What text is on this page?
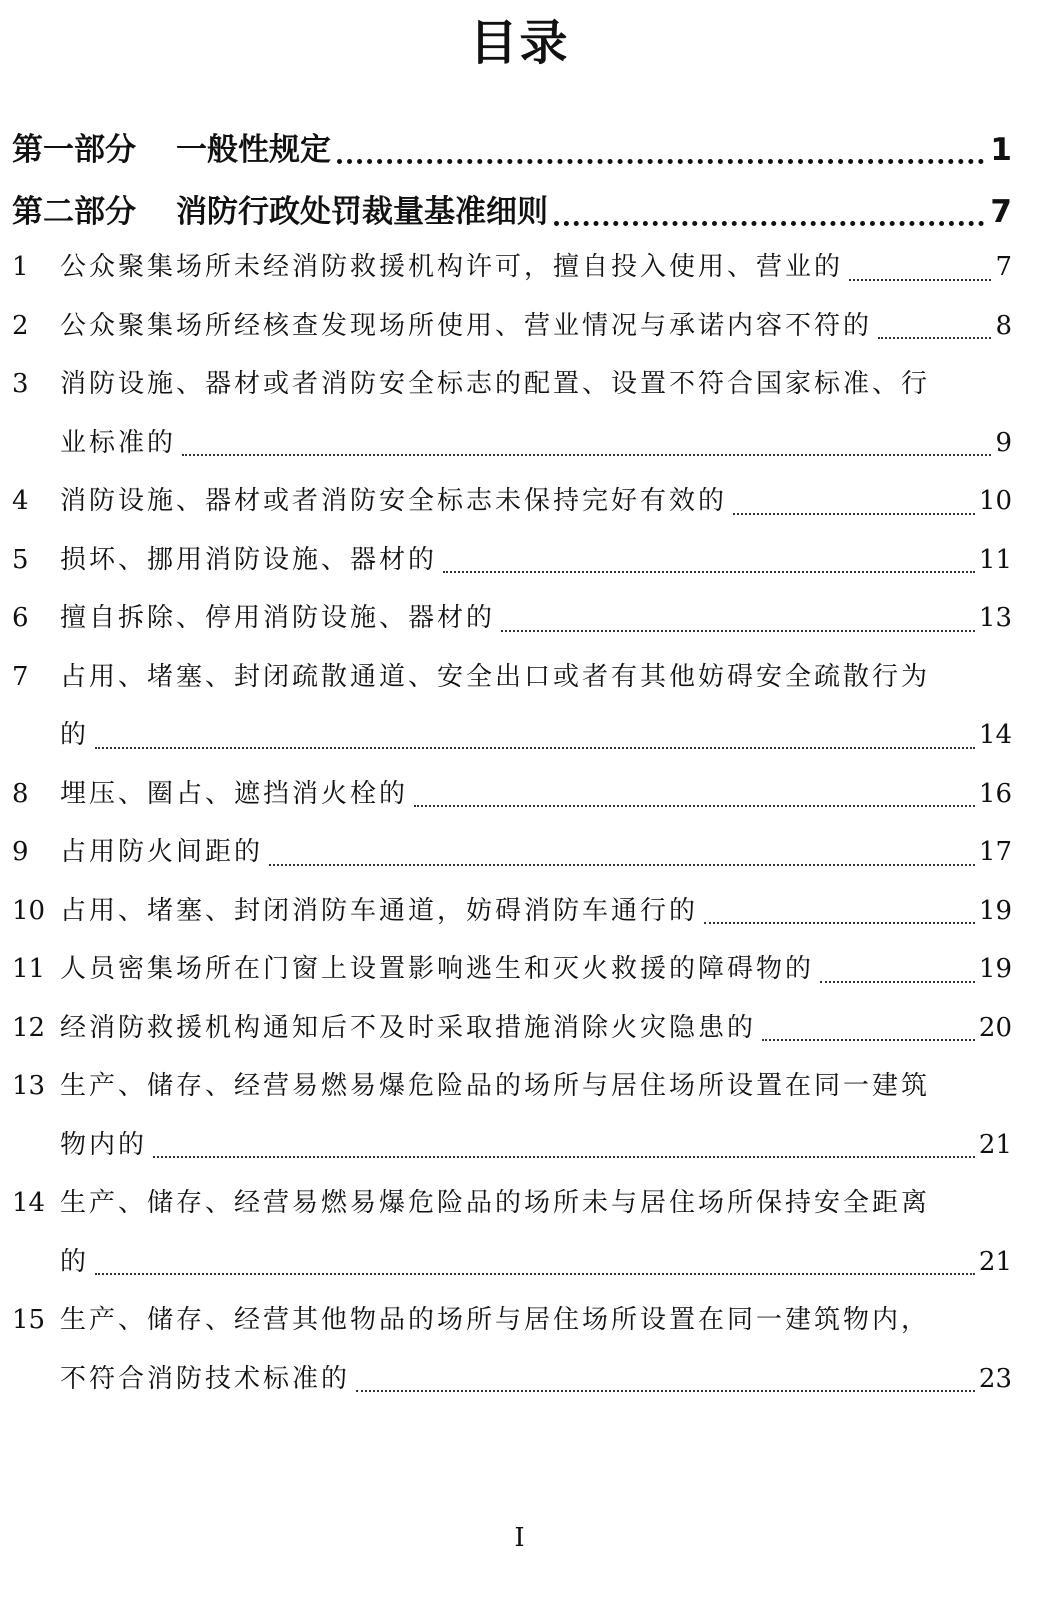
目录
第一部分 一般性规定	1
第二部分 消防行政处罚裁量基准细则	7
1	公众聚集场所未经消防救援机构许可，擅自投入使用、营业的	7
2	公众聚集场所经核查发现场所使用、营业情况与承诺内容不符的	8
3	消防设施、器材或者消防安全标志的配置、设置不符合国家标准、行
业标准的	9
4	消防设施、器材或者消防安全标志未保持完好有效的	10
5	损坏、挪用消防设施、器材的	11
6	擅自拆除、停用消防设施、器材的	13
7	占用、堵塞、封闭疏散通道、安全出口或者有其他妨碍安全疏散行为
的	14
8	埋压、圈占、遮挡消火栓的	16
9	占用防火间距的	17
10 占用、堵塞、封闭消防车通道，妨碍消防车通行的	19
11 人员密集场所在门窗上设置影响逃生和灭火救援的障碍物的	19
12 经消防救援机构通知后不及时采取措施消除火灾隐患的	20
13 生产、储存、经营易燃易爆危险品的场所与居住场所设置在同一建筑
物内的	21
14 生产、储存、经营易燃易爆危险品的场所未与居住场所保持安全距离
的	21
15 生产、储存、经营其他物品的场所与居住场所设置在同一建筑物内，
不符合消防技术标准的	23
I
